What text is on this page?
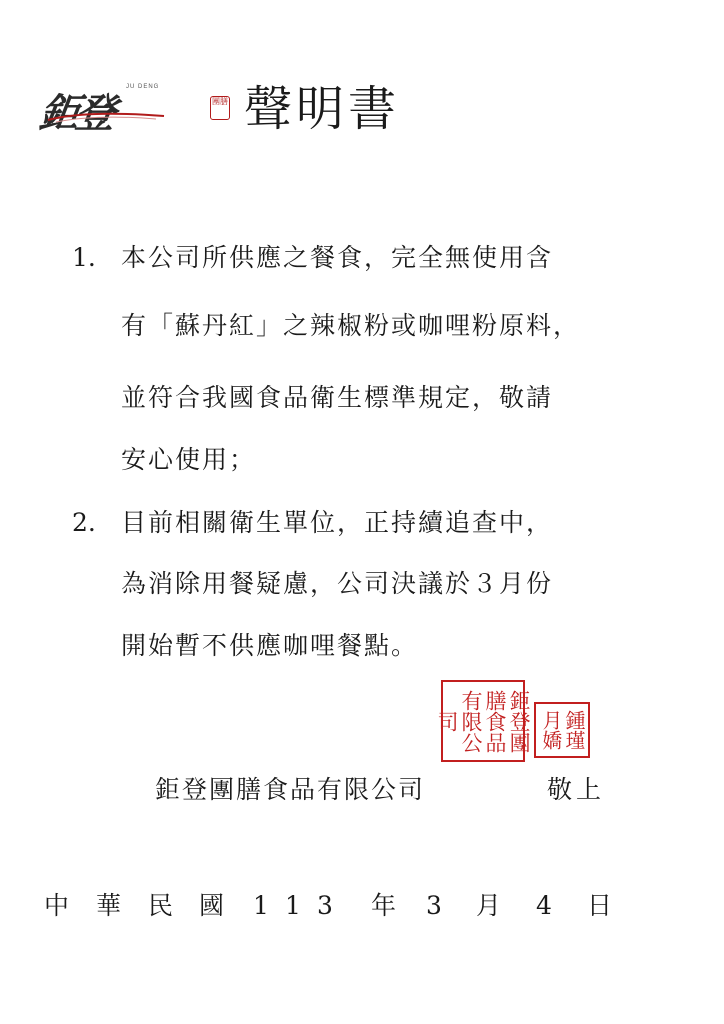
鉅登
JU DENG
團膳 聲明書
1. 本公司所供應之餐食，完全無使用含
有「蘇丹紅」之辣椒粉或咖哩粉原料，
並符合我國食品衛生標準規定，敬請
安心使用；
2. 目前相關衛生單位，正持續追查中，
為消除用餐疑慮，公司決議於３月份
開始暫不供應咖哩餐點。
鉅登團
膳食品
有限公
司	鍾瑾
月嬌
鉅登團膳食品有限公司	敬上
中 華 民 國 1 1 3 年 3 月 4 日
